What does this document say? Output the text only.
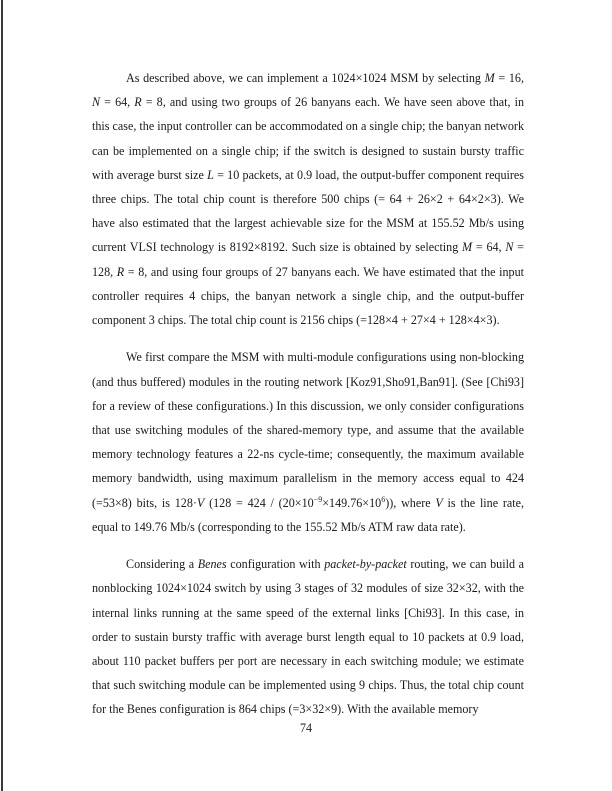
As described above, we can implement a 1024×1024 MSM by selecting M = 16, N = 64, R = 8, and using two groups of 26 banyans each. We have seen above that, in this case, the input controller can be accommodated on a single chip; the banyan network can be implemented on a single chip; if the switch is designed to sustain bursty traffic with average burst size L = 10 packets, at 0.9 load, the output-buffer component requires three chips. The total chip count is therefore 500 chips (= 64 + 26×2 + 64×2×3). We have also estimated that the largest achievable size for the MSM at 155.52 Mb/s using current VLSI technology is 8192×8192. Such size is obtained by selecting M = 64, N = 128, R = 8, and using four groups of 27 banyans each. We have estimated that the input controller requires 4 chips, the banyan network a single chip, and the output-buffer component 3 chips. The total chip count is 2156 chips (=128×4 + 27×4 + 128×4×3).

We first compare the MSM with multi-module configurations using non-blocking (and thus buffered) modules in the routing network [Koz91,Sho91,Ban91]. (See [Chi93] for a review of these configurations.) In this discussion, we only consider configurations that use switching modules of the shared-memory type, and assume that the available memory technology features a 22-ns cycle-time; consequently, the maximum available memory bandwidth, using maximum parallelism in the memory access equal to 424 (=53×8) bits, is 128·V $(128 = 424 / (20\times 10^{-9}\times 149.76\times 10^6))$, where V is the line rate, equal to 149.76 Mb/s (corresponding to the 155.52 Mb/s ATM raw data rate).

Considering a Benes configuration with packet-by-packet routing, we can build a nonblocking 1024×1024 switch by using 3 stages of 32 modules of size 32×32, with the internal links running at the same speed of the external links [Chi93]. In this case, in order to sustain bursty traffic with average burst length equal to 10 packets at 0.9 load, about 110 packet buffers per port are necessary in each switching module; we estimate that such switching module can be implemented using 9 chips. Thus, the total chip count for the Benes configuration is 864 chips (=3×32×9). With the available memory

74
